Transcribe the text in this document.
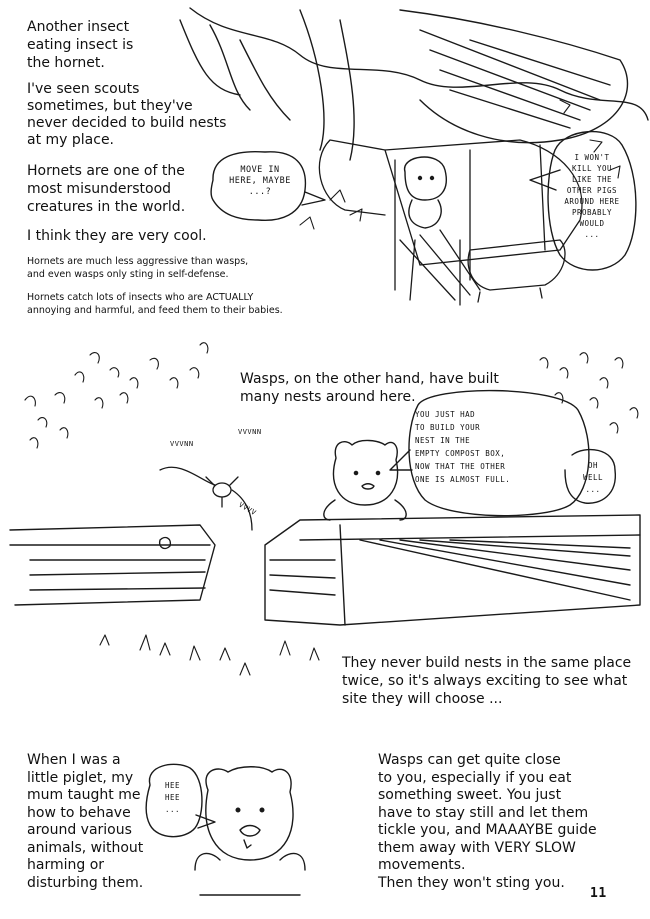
Another insect

eating insect is

the hornet.

I've seen scouts

sometimes, but they've

never decided to build nests

at my place.

Hornets are one of the

most misunderstood

creatures in the world.

I think they are very cool.

Hornets are much less aggressive than wasps,

and even wasps only sting in self-defense.

Hornets catch lots of insects who are ACTUALLY

annoying and harmful, and feed them to their babies.

MOVE IN
HERE, MAYBE
...?
I WON'T
KILL YOU
LIKE THE
OTHER PIGS
AROUND HERE
PROBABLY
WOULD
...

Wasps, on the other hand, have built

many nests around here.

YOU JUST HAD
TO BUILD YOUR
NEST IN THE
EMPTY COMPOST BOX,
NOW THAT THE OTHER
ONE IS ALMOST FULL.
OH
WELL
...
VVVNN
VVVNN
VVVV

They never build nests in the same place

twice, so it's always exciting to see what

site they will choose ...

When I was a

little piglet, my

mum taught me

how to behave

around various

animals, without

harming or

disturbing them.

HEE
HEE
...

Wasps can get quite close

to you, especially if you eat

something sweet. You just

have to stay still and let them

tickle you, and MAAAYBE guide

them away with VERY SLOW

movements.

Then they won't sting you.

11
